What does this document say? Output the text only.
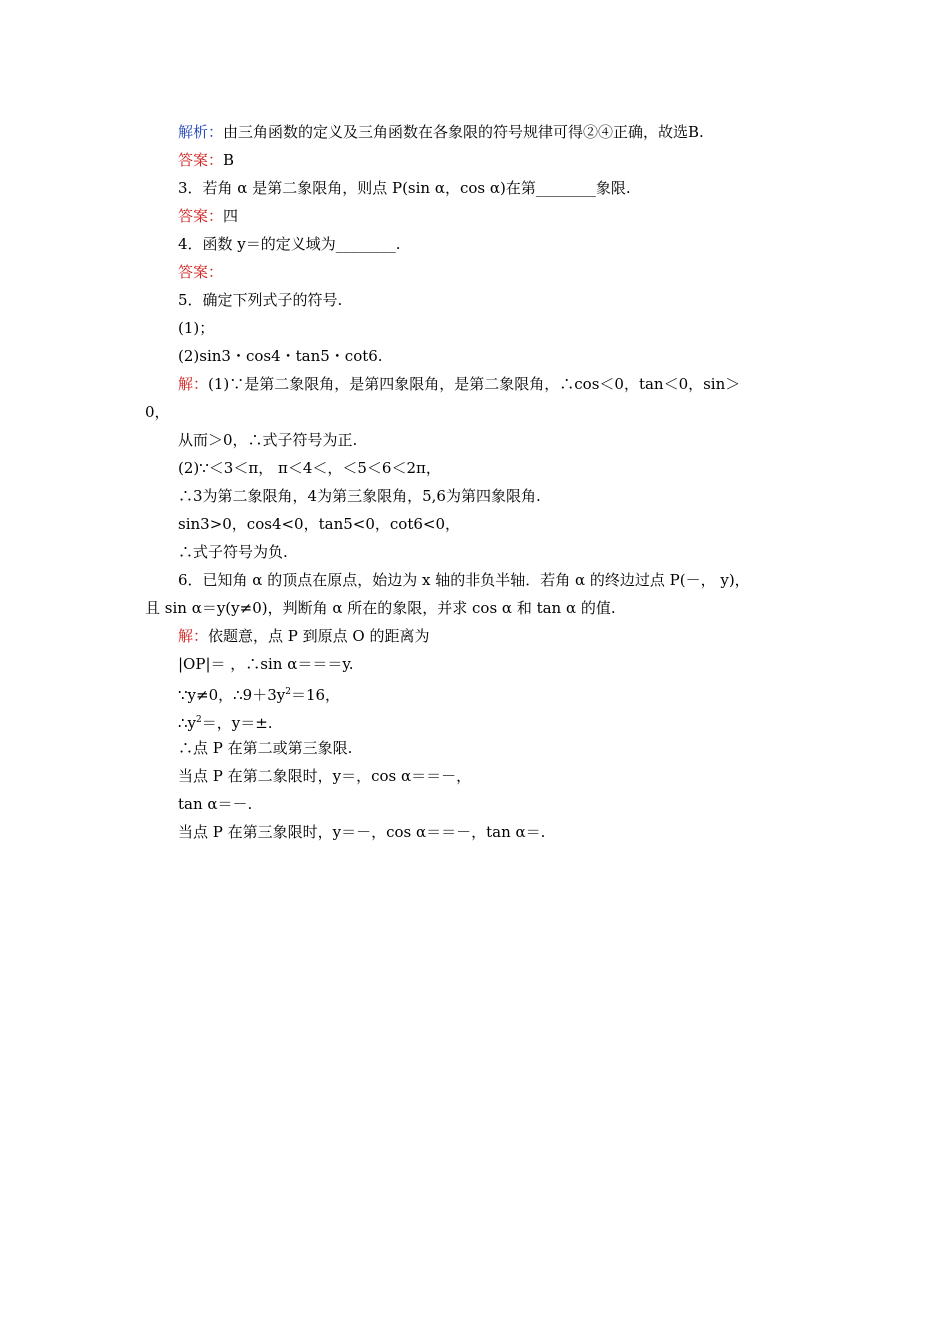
解析：由三角函数的定义及三角函数在各象限的符号规律可得②④正确，故选B.
答案：B
3．若角 α 是第二象限角，则点 P(sin α，cos α)在第________象限.
答案：四
4．函数 y＝的定义域为________.
答案：
5．确定下列式子的符号.
(1)；
(2)sin3・cos4・tan5・cot6.
解：(1)∵是第二象限角，是第四象限角，是第二象限角，∴cos＜0，tan＜0，sin＞
0，
从而＞0，∴式子符号为正.
(2)∵＜3＜π， π＜4＜，＜5＜6＜2π，
∴3为第二象限角，4为第三象限角，5,6为第四象限角.
sin3>0，cos4<0，tan5<0，cot6<0，
∴式子符号为负.
6．已知角 α 的顶点在原点，始边为 x 轴的非负半轴．若角 α 的终边过点 P(－， y)，
且 sin α＝y(y≠0)，判断角 α 所在的象限，并求 cos α 和 tan α 的值.
解：依题意，点 P 到原点 O 的距离为
|OP|＝ ，∴sin α＝＝＝y.
∵y≠0，$\therefore 9+3y^2=16$，
$\therefore y^2=$，y＝±.
∴点 P 在第二或第三象限.
当点 P 在第二象限时，y＝，cos α＝＝－，
tan α＝－.
当点 P 在第三象限时，y＝－，cos α＝＝－，tan α＝.
